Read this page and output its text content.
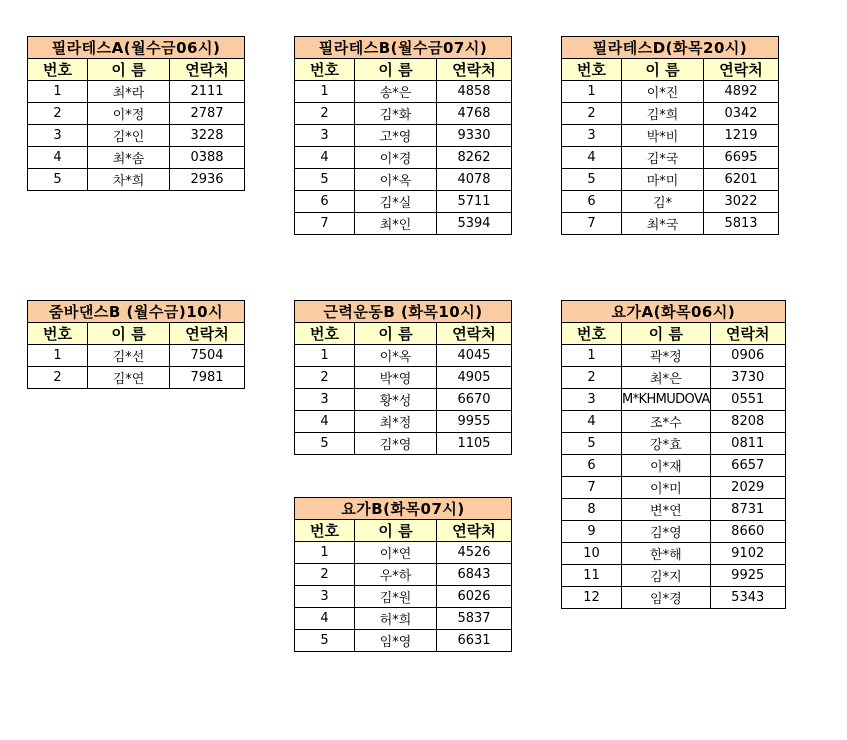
필라테스A(월수금06시)		
번호	이 름	연락처
1	최*라	2111
2	이*정	2787
3	김*인	3228
4	최*솜	0388
5	차*희	2936
필라테스B(월수금07시)		
번호	이 름	연락처
1	송*은	4858
2	김*화	4768
3	고*영	9330
4	이*경	8262
5	이*옥	4078
6	김*실	5711
7	최*인	5394
필라테스D(화목20시)		
번호	이 름	연락처
1	이*진	4892
2	김*희	0342
3	박*비	1219
4	김*국	6695
5	마*미	6201
6	김*	3022
7	최*국	5813
줌바댄스B (월수금)10시		
번호	이 름	연락처
1	김*선	7504
2	김*연	7981
근력운동B (화목10시)		
번호	이 름	연락처
1	이*옥	4045
2	박*영	4905
3	황*성	6670
4	최*정	9955
5	김*영	1105
요가A(화목06시)		
번호	이 름	연락처
1	곽*정	0906
2	최*은	3730
3	M*KHMUDOVA	0551
4	조*수	8208
5	강*효	0811
6	이*재	6657
7	이*미	2029
8	변*연	8731
9	김*영	8660
10	한*해	9102
11	김*지	9925
12	임*경	5343
요가B(화목07시)		
번호	이 름	연락처
1	이*연	4526
2	우*하	6843
3	김*원	6026
4	허*희	5837
5	임*영	6631
